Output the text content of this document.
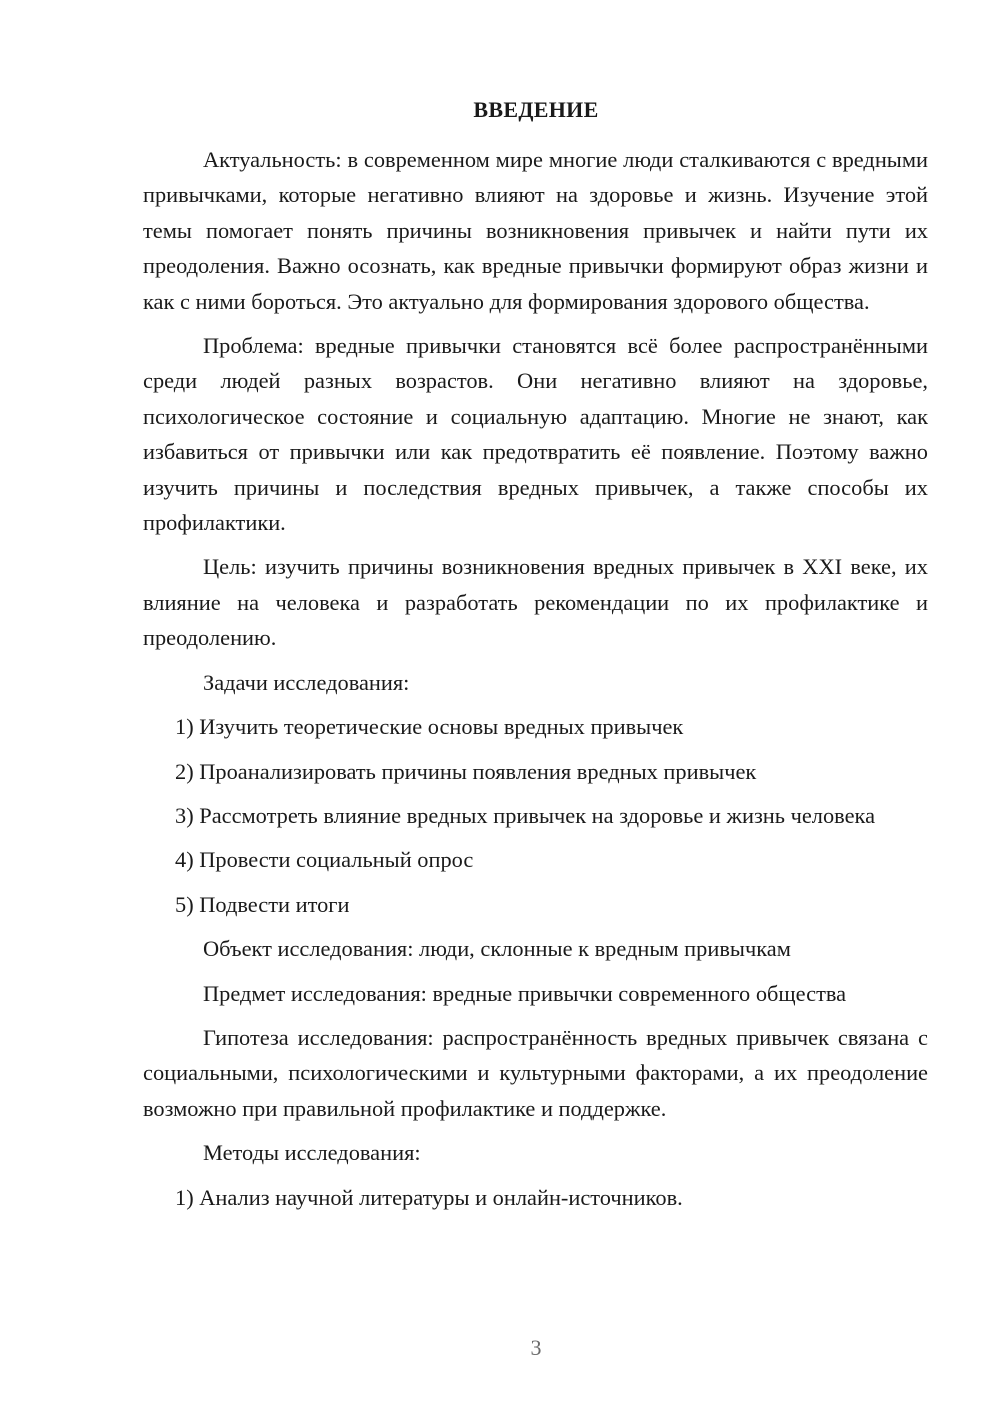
ВВЕДЕНИЕ

Актуальность: в современном мире многие люди сталкиваются с вредными привычками, которые негативно влияют на здоровье и жизнь. Изучение этой темы помогает понять причины возникновения привычек и найти пути их преодоления. Важно осознать, как вредные привычки формируют образ жизни и как с ними бороться. Это актуально для формирования здорового общества.

Проблема: вредные привычки становятся всё более распространёнными среди людей разных возрастов. Они негативно влияют на здоровье, психологическое состояние и социальную адаптацию. Многие не знают, как избавиться от привычки или как предотвратить её появление. Поэтому важно изучить причины и последствия вредных привычек, а также способы их профилактики.

Цель: изучить причины возникновения вредных привычек в XXI веке, их влияние на человека и разработать рекомендации по их профилактике и преодолению.

Задачи исследования:

1) Изучить теоретические основы вредных привычек

2) Проанализировать причины появления вредных привычек

3) Рассмотреть влияние вредных привычек на здоровье и жизнь человека

4) Провести социальный опрос

5) Подвести итоги

Объект исследования: люди, склонные к вредным привычкам

Предмет исследования: вредные привычки современного общества

Гипотеза исследования: распространённость вредных привычек связана с социальными, психологическими и культурными факторами, а их преодоление возможно при правильной профилактике и поддержке.

Методы исследования:

1) Анализ научной литературы и онлайн-источников.

3
